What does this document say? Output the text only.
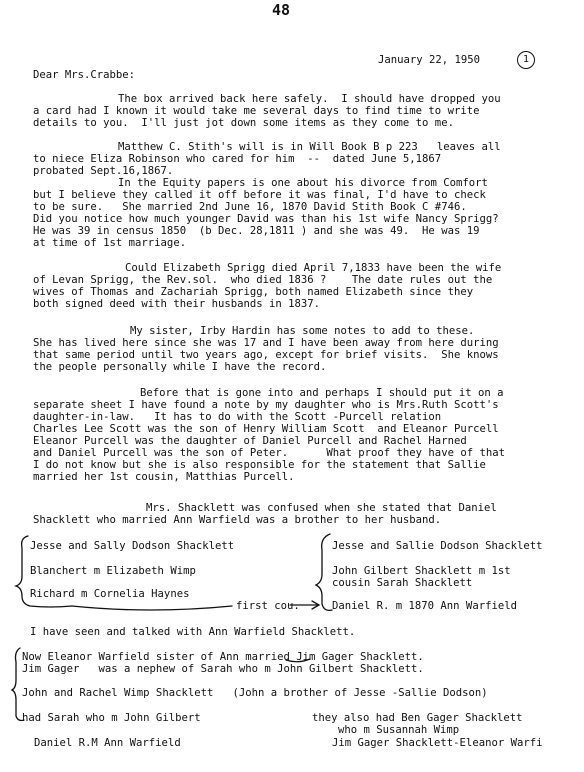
48
January 22, 1950	1
Dear Mrs.Crabbe:
The box arrived back here safely.  I should have dropped you
a card had I known it would take me several days to find time to write
details to you.  I'll just jot down some items as they come to me.
Matthew C. Stith's will is in Will Book B p 223   leaves all
to niece Eliza Robinson who cared for him  --  dated June 5,1867
probated Sept.16,1867.
In the Equity papers is one about his divorce from Comfort
but I believe they called it off before it was final, I'd have to check
to be sure.   She married 2nd June 16, 1870 David Stith Book C #746.
Did you notice how much younger David was than his 1st wife Nancy Sprigg?
He was 39 in census 1850  (b Dec. 28,1811 ) and she was 49.  He was 19
at time of 1st marriage.
Could Elizabeth Sprigg died April 7,1833 have been the wife
of Levan Sprigg, the Rev.sol.  who died 1836 ?    The date rules out the
wives of Thomas and Zachariah Sprigg, both named Elizabeth since they
both signed deed with their husbands in 1837.
My sister, Irby Hardin has some notes to add to these.
She has lived here since she was 17 and I have been away from here during
that same period until two years ago, except for brief visits.  She knows
the people personally while I have the record.
Before that is gone into and perhaps I should put it on a
separate sheet I have found a note by my daughter who is Mrs.Ruth Scott's
daughter-in-law.   It has to do with the Scott -Purcell relation
Charles Lee Scott was the son of Henry William Scott  and Eleanor Purcell
Eleanor Purcell was the daughter of Daniel Purcell and Rachel Harned
and Daniel Purcell was the son of Peter.      What proof they have of that
I do not know but she is also responsible for the statement that Sallie
married her 1st cousin, Matthias Purcell.
Mrs. Shacklett was confused when she stated that Daniel
Shacklett who married Ann Warfield was a brother to her husband.
Jesse and Sally Dodson Shacklett
Blanchert m Elizabeth Wimp
Richard m Cornelia Haynes
Jesse and Sallie Dodson Shacklett
John Gilbert Shacklett m 1st
cousin Sarah Shacklett
Daniel R. m 1870 Ann Warfield
first cou.
I have seen and talked with Ann Warfield Shacklett.
Now Eleanor Warfield sister of Ann married Jim Gager Shacklett.
Jim Gager   was a nephew of Sarah who m John Gilbert Shacklett.
John and Rachel Wimp Shacklett   (John a brother of Jesse -Sallie Dodson)
had Sarah who m John Gilbert	they also had Ben Gager Shacklett
who m Susannah Wimp
Jim Gager Shacklett-Eleanor Warfi
Daniel R.M Ann Warfield
